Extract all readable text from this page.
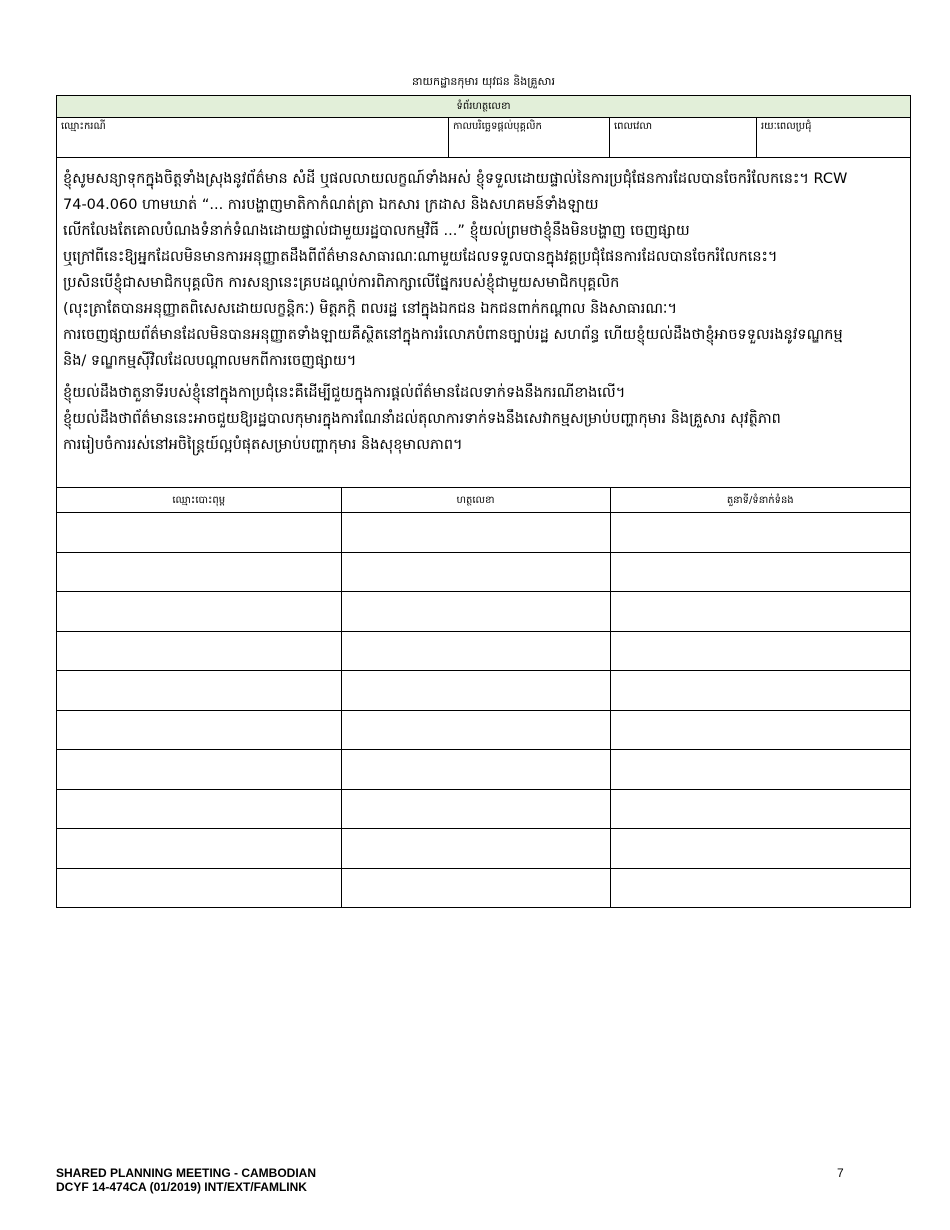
នាយកដ្ឋានកុមារ យុវជន និងគ្រួសារ
ទំព័រហត្ថលេខា
ឈ្មោះករណី	កាលបរិច្ឆេទផ្តល់បុគ្គលិក	ពេលវេលា	រយៈពេលប្រជុំ

ខ្ញុំសូមសន្យាទុកក្នុងចិត្តទាំងស្រុងនូវព័ត៌មាន សំដី ឬផលលាយលក្ខណ៍ទាំងអស់ ខ្ញុំទទួលដោយផ្ទាល់នៃការប្រជុំផែនការដែលបានចែករំលែកនេះ។ RCW

74-04.060 ហាមឃាត់ “... ការបង្ហាញមាតិកាកំណត់ត្រា ឯកសារ ក្រដាស និងសហគមន៍ទាំងឡាយ

លើកលែងតែគោលបំណងទំនាក់ទំណងដោយផ្ទាល់ជាមួយរដ្ឋបាលកម្មវិធី ...” ខ្ញុំយល់ព្រមថាខ្ញុំនឹងមិនបង្ហាញ ចេញផ្សាយ

ឬក្រៅពីនេះឱ្យអ្នកដែលមិនមានការអនុញ្ញាតដឹងពីព័ត៌មានសាធារណៈណាមួយដែលទទួលបានក្នុងវគ្គប្រជុំផែនការដែលបានចែករំលែកនេះ។

ប្រសិនបើខ្ញុំជាសមាជិកបុគ្គលិក ការសន្យានេះគ្របដណ្តប់ការពិភាក្សាលើផ្នែករបស់ខ្ញុំជាមួយសមាជិកបុគ្គលិក

(លុះត្រាតែបានអនុញ្ញាតពិសេសដោយលក្ខន្តិកៈ) មិត្តភក្តិ ពលរដ្ឋ នៅក្នុងឯកជន ឯកជនពាក់កណ្តាល និងសាធារណៈ។

ការចេញផ្សាយព័ត៌មានដែលមិនបានអនុញ្ញាតទាំងឡាយគឺស្ថិតនៅក្នុងការរំលោភបំពានច្បាប់រដ្ឋ សហព័ន្ធ ហើយខ្ញុំយល់ដឹងថាខ្ញុំអាចទទួលរងនូវទណ្ឌកម្ម

និង/ ទណ្ឌកម្មស៊ីវិលដែលបណ្តាលមកពីការចេញផ្សាយ។

ខ្ញុំយល់ដឹងថាតួនាទីរបស់ខ្ញុំនៅក្នុងកាប្រជុំនេះគឺដើម្បីជួយក្នុងការផ្តល់ព័ត៌មានដែលទាក់ទងនឹងករណីខាងលើ។

ខ្ញុំយល់ដឹងថាព័ត៌មាននេះអាចជួយឱ្យរដ្ឋបាលកុមារក្នុងការណែនាំដល់តុលាការទាក់ទងនឹងសេវាកម្មសម្រាប់បញ្ហាកុមារ និងគ្រួសារ សុវត្ថិភាព

ការរៀបចំការរស់នៅអចិន្ត្រៃយ៍ល្អបំផុតសម្រាប់បញ្ហាកុមារ និងសុខុមាលភាព។

ឈ្មោះបោះពុម្ព	ហត្ថលេខា	តួនាទី/ទំនាក់ទំនង

SHARED PLANNING MEETING - CAMBODIAN
DCYF 14-474CA (01/2019) INT/EXT/FAMLINK
7
